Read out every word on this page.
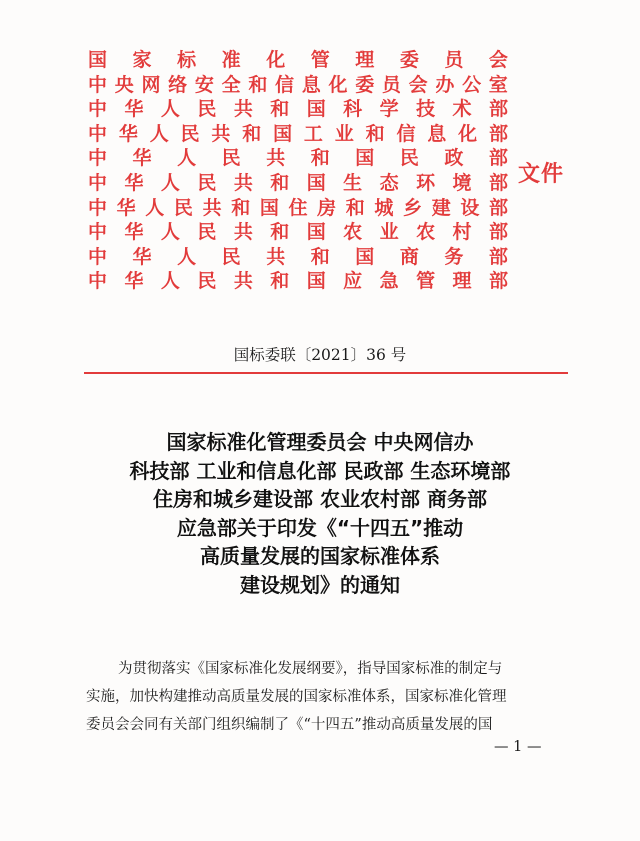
国 家 标 准 化 管 理 委 员 会
中 央 网 络 安 全 和 信 息 化 委 员 会 办 公 室
中 华 人 民 共 和 国 科 学 技 术 部
中 华 人 民 共 和 国 工 业 和 信 息 化 部
中 华 人 民 共 和 国 民 政 部
中 华 人 民 共 和 国 生 态 环 境 部
中 华 人 民 共 和 国 住 房 和 城 乡 建 设 部
中 华 人 民 共 和 国 农 业 农 村 部
中 华 人 民 共 和 国 商 务 部
中 华 人 民 共 和 国 应 急 管 理 部
文件
国标委联〔2021〕36 号
国家标准化管理委员会 中央网信办
科技部 工业和信息化部 民政部 生态环境部
住房和城乡建设部 农业农村部 商务部
应急部关于印发《“十四五”推动
高质量发展的国家标准体系
建设规划》的通知
为贯彻落实《国家标准化发展纲要》，指导国家标准的制定与
实施，加快构建推动高质量发展的国家标准体系，国家标准化管理
委员会会同有关部门组织编制了《“十四五”推动高质量发展的国
— 1 —
